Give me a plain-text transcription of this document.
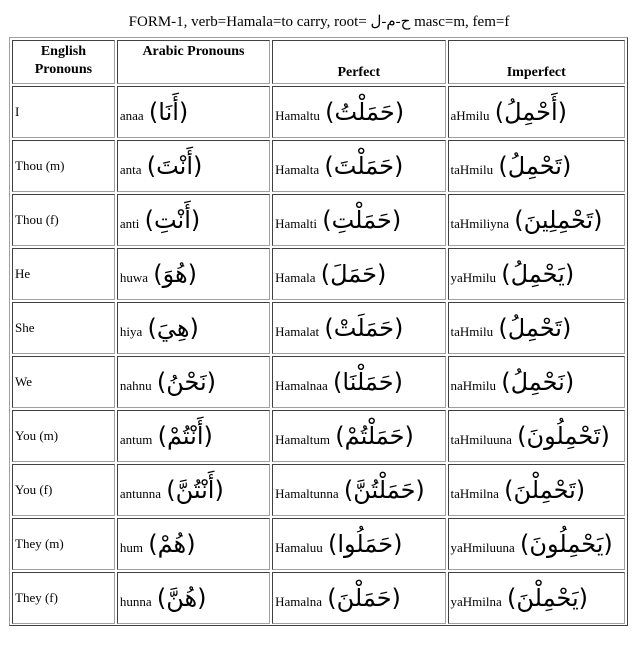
FORM-1, verb=Hamala=to carry, root= ح-م-ل masc=m, fem=f
English Pronouns	Arabic Pronouns	Perfect	Imperfect
I	anaa (أَنَا)	Hamaltu (حَمَلْتُ)	aHmilu (أَحْمِلُ)
Thou (m)	anta (أَنْتَ)	Hamalta (حَمَلْتَ)	taHmilu (تَحْمِلُ)
Thou (f)	anti (أَنْتِ)	Hamalti (حَمَلْتِ)	taHmiliyna (تَحْمِلِينَ)
He	huwa (هُوَ)	Hamala (حَمَلَ)	yaHmilu (يَحْمِلُ)
She	hiya (هِيَ)	Hamalat (حَمَلَتْ)	taHmilu (تَحْمِلُ)
We	nahnu (نَحْنُ)	Hamalnaa (حَمَلْنَا)	naHmilu (نَحْمِلُ)
You (m)	antum (أَنْتُمْ)	Hamaltum (حَمَلْتُمْ)	taHmiluuna (تَحْمِلُونَ)
You (f)	antunna (أَنْتُنَّ)	Hamaltunna (حَمَلْتُنَّ)	taHmilna (تَحْمِلْنَ)
They (m)	hum (هُمْ)	Hamaluu (حَمَلُوا)	yaHmiluuna (يَحْمِلُونَ)
They (f)	hunna (هُنَّ)	Hamalna (حَمَلْنَ)	yaHmilna (يَحْمِلْنَ)
